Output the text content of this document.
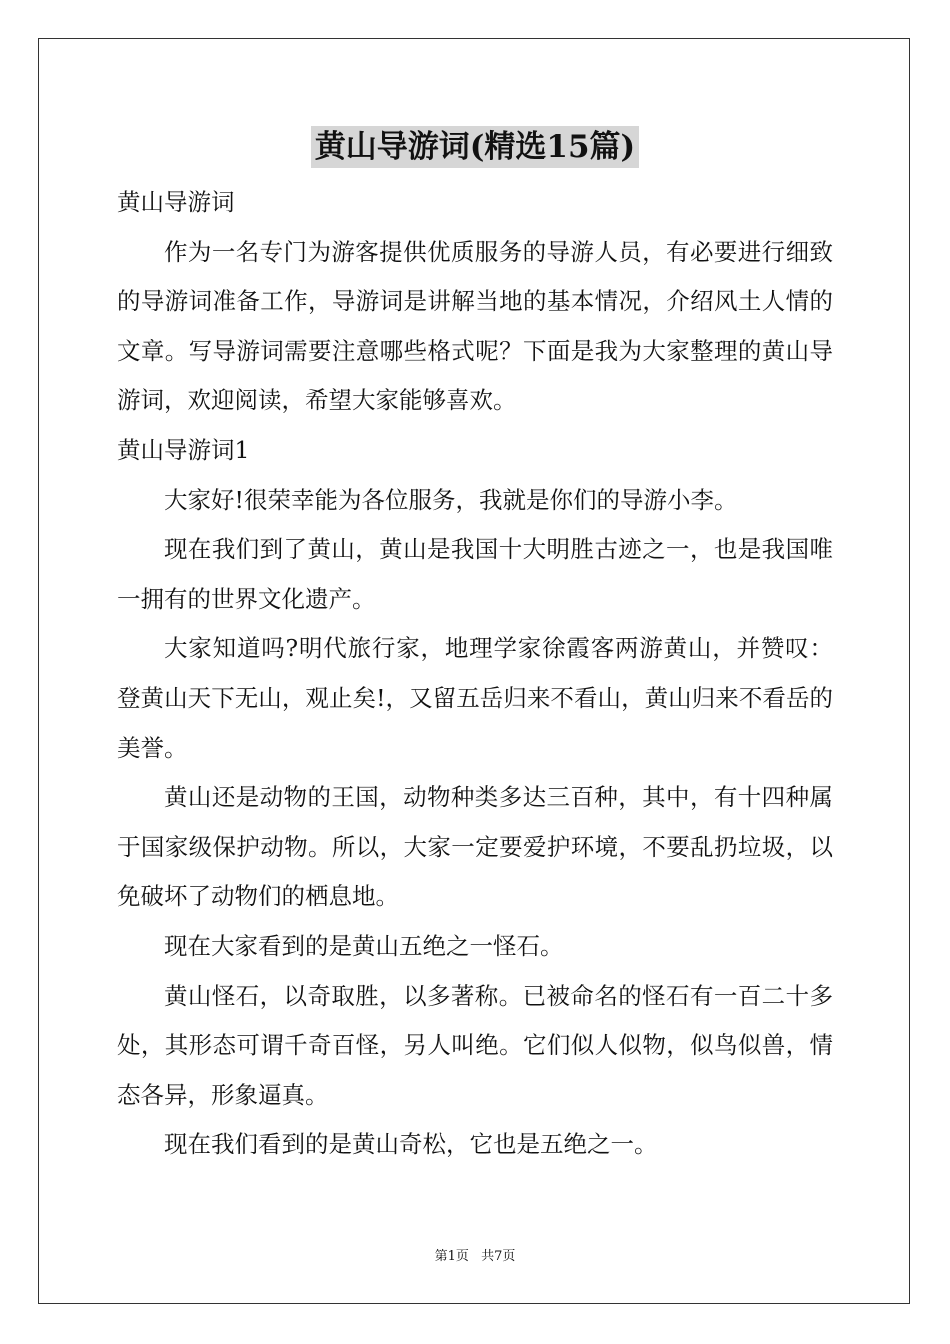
黄山导游词(精选15篇)

黄山导游词

作为一名专门为游客提供优质服务的导游人员，有必要进行细致的导游词准备工作，导游词是讲解当地的基本情况，介绍风土人情的文章。写导游词需要注意哪些格式呢？下面是我为大家整理的黄山导游词，欢迎阅读，希望大家能够喜欢。

黄山导游词1

大家好!很荣幸能为各位服务，我就是你们的导游小李。

现在我们到了黄山，黄山是我国十大明胜古迹之一，也是我国唯一拥有的世界文化遗产。

大家知道吗?明代旅行家，地理学家徐霞客两游黄山，并赞叹：登黄山天下无山，观止矣!，又留五岳归来不看山，黄山归来不看岳的美誉。

黄山还是动物的王国，动物种类多达三百种，其中，有十四种属于国家级保护动物。所以，大家一定要爱护环境，不要乱扔垃圾，以免破坏了动物们的栖息地。

现在大家看到的是黄山五绝之一怪石。

黄山怪石，以奇取胜，以多著称。已被命名的怪石有一百二十多处，其形态可谓千奇百怪，另人叫绝。它们似人似物，似鸟似兽，情态各异，形象逼真。

现在我们看到的是黄山奇松，它也是五绝之一。

第1页 共7页
